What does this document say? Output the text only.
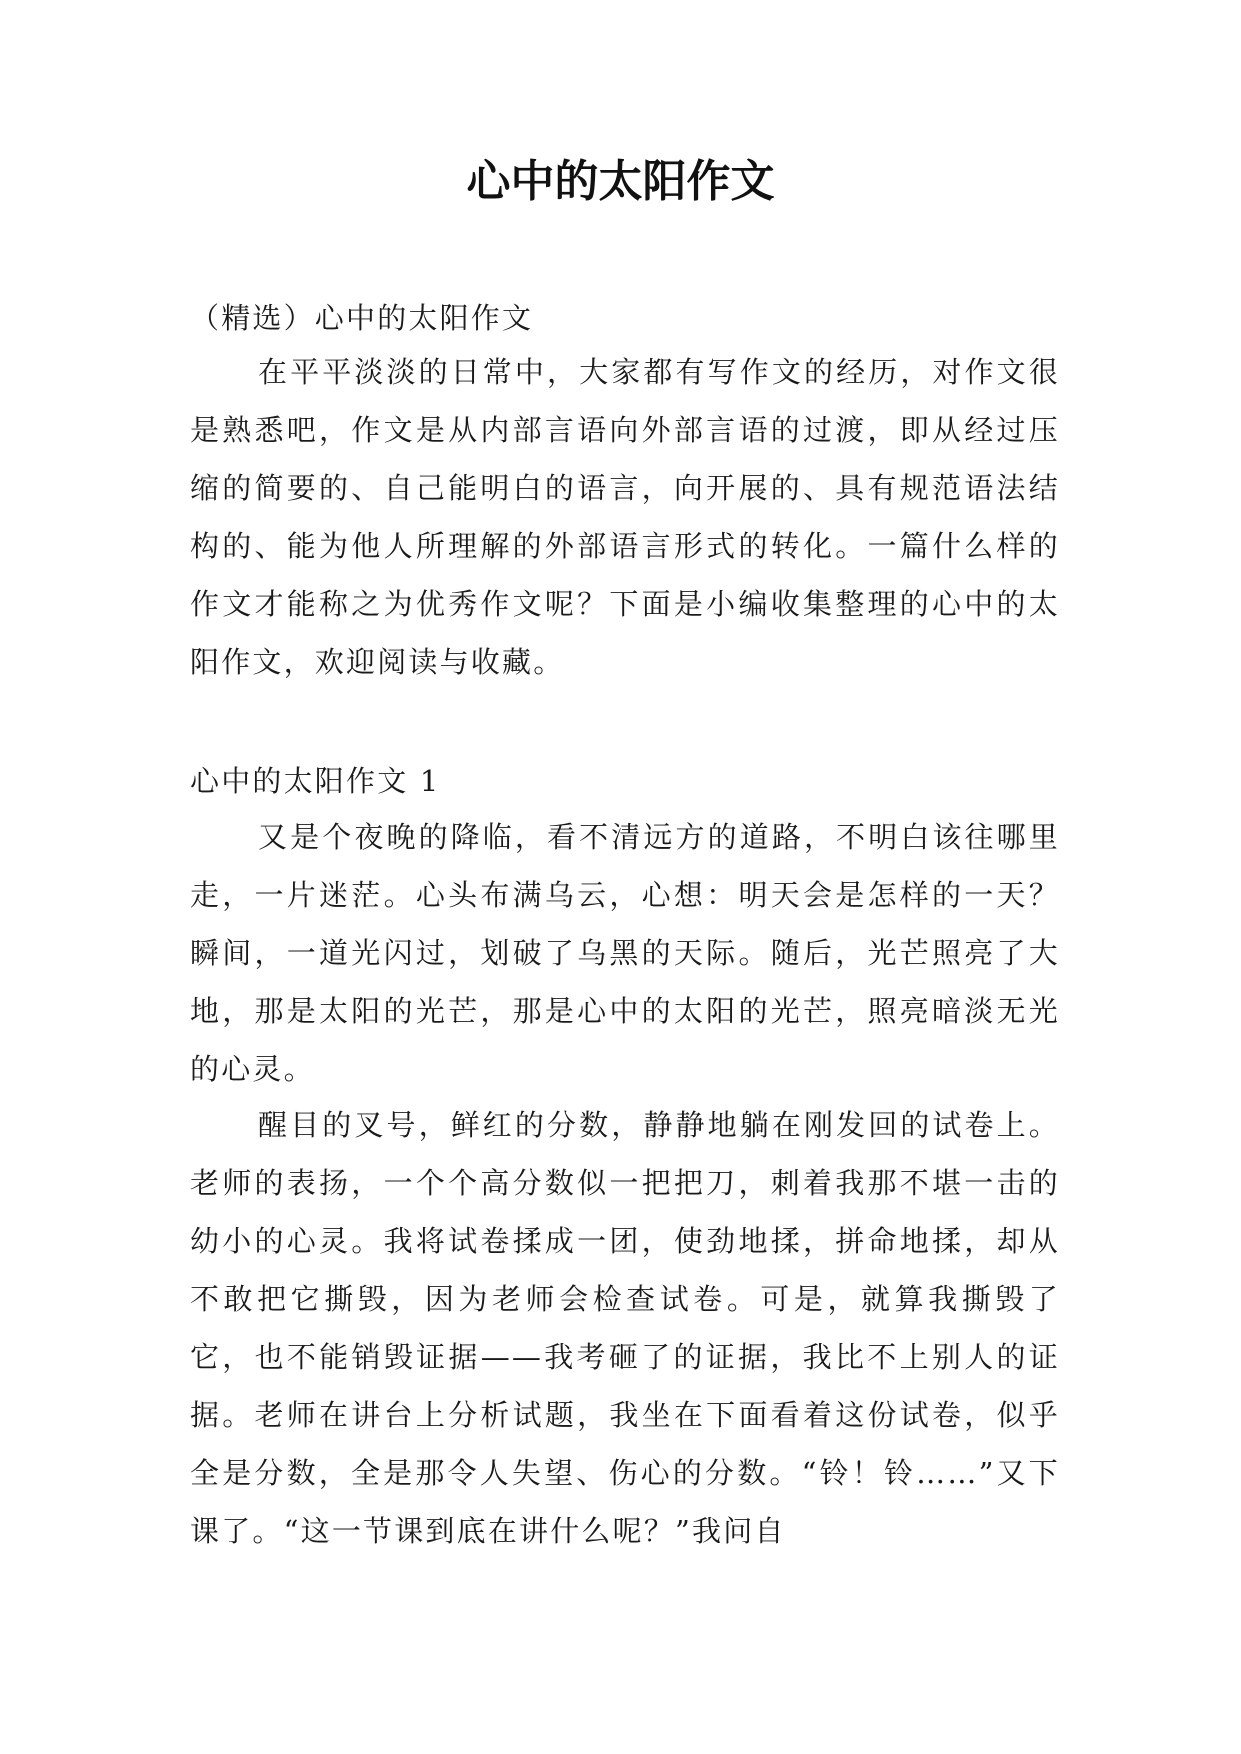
心中的太阳作文

（精选）心中的太阳作文

在平平淡淡的日常中，大家都有写作文的经历，对作文很是熟悉吧，作文是从内部言语向外部言语的过渡，即从经过压缩的简要的、自己能明白的语言，向开展的、具有规范语法结构的、能为他人所理解的外部语言形式的转化。一篇什么样的作文才能称之为优秀作文呢？下面是小编收集整理的心中的太阳作文，欢迎阅读与收藏。

心中的太阳作文 1

又是个夜晚的降临，看不清远方的道路，不明白该往哪里走，一片迷茫。心头布满乌云，心想：明天会是怎样的一天？瞬间，一道光闪过，划破了乌黑的天际。随后，光芒照亮了大地，那是太阳的光芒，那是心中的太阳的光芒，照亮暗淡无光的心灵。

醒目的叉号，鲜红的分数，静静地躺在刚发回的试卷上。老师的表扬，一个个高分数似一把把刀，刺着我那不堪一击的幼小的心灵。我将试卷揉成一团，使劲地揉，拼命地揉，却从不敢把它撕毁，因为老师会检查试卷。可是，就算我撕毁了它，也不能销毁证据——我考砸了的证据，我比不上别人的证据。老师在讲台上分析试题，我坐在下面看着这份试卷，似乎全是分数，全是那令人失望、伤心的分数。“铃！铃……”又下课了。“这一节课到底在讲什么呢？”我问自
